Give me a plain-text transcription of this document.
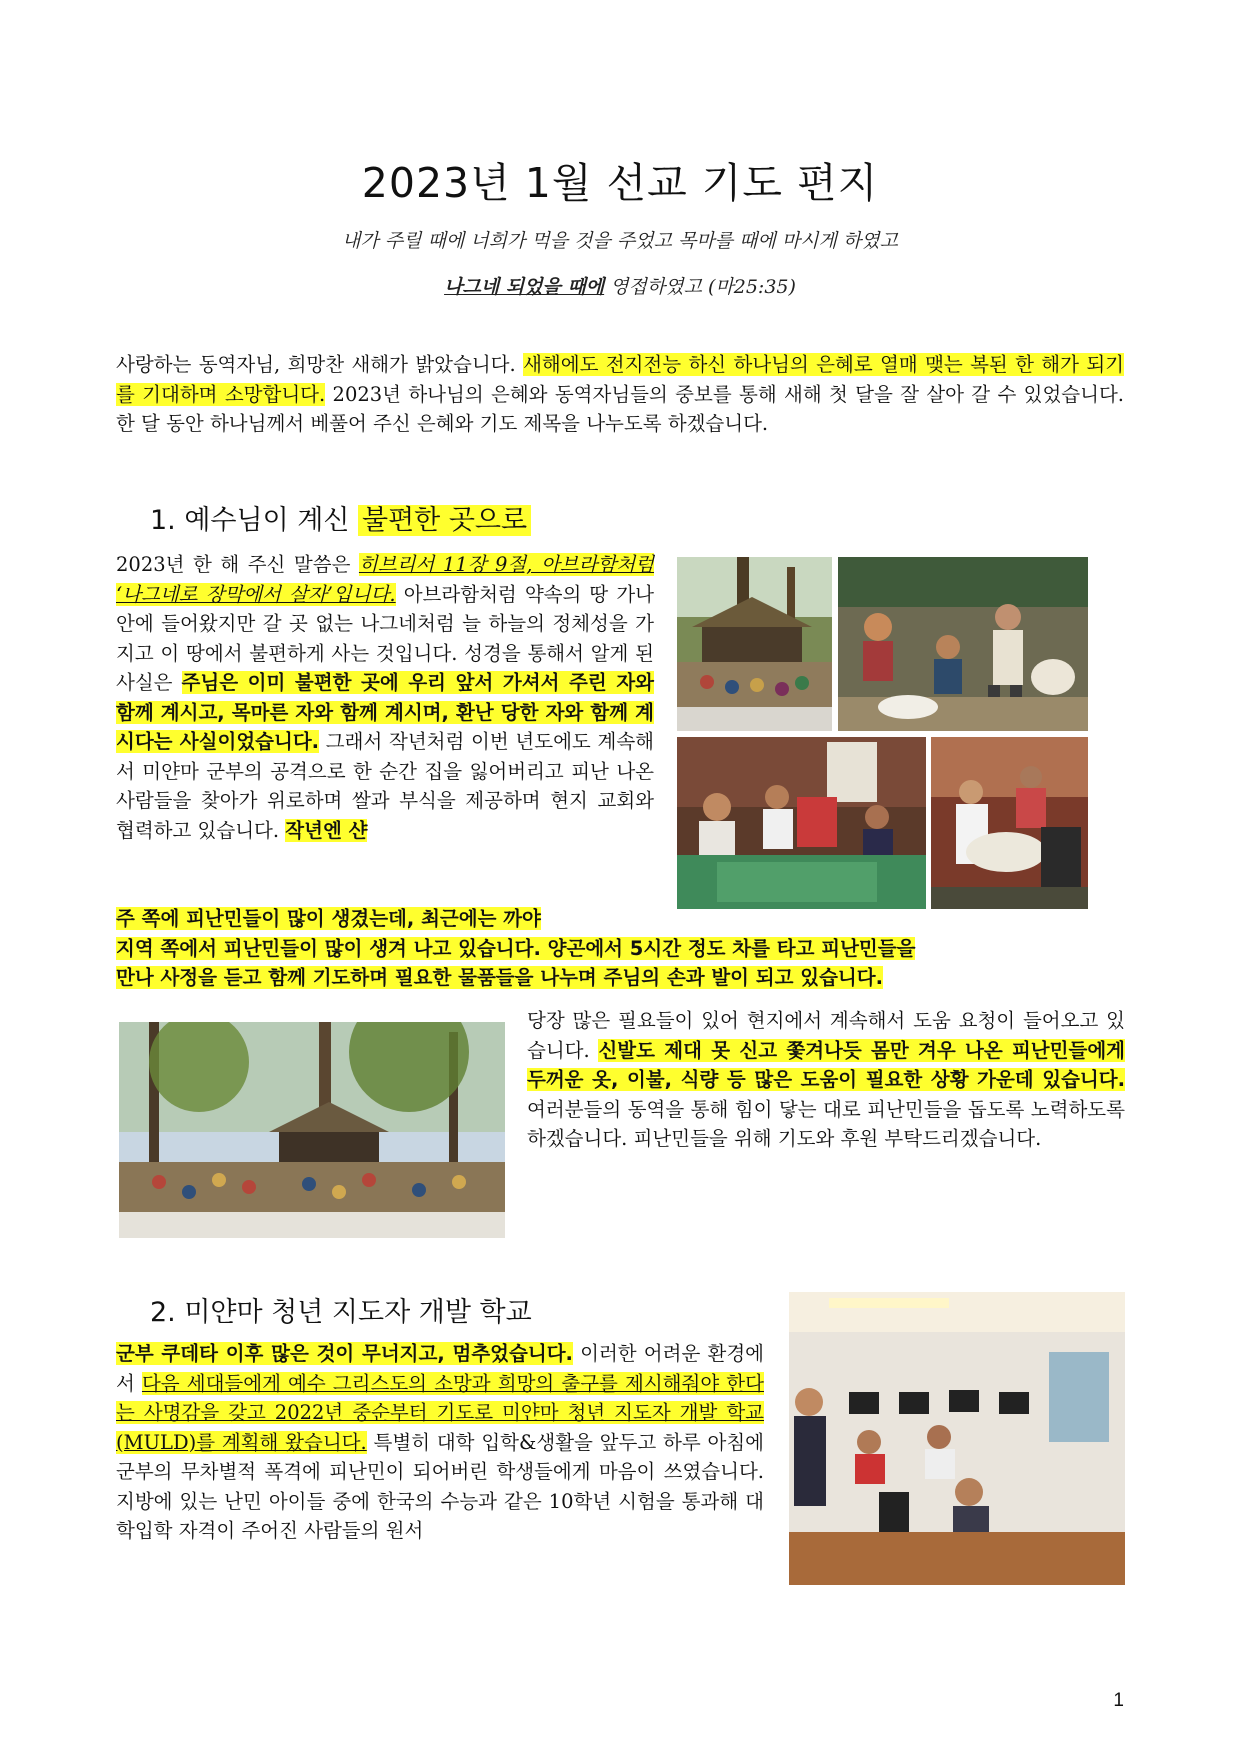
2023년 1월 선교 기도 편지
내가 주릴 때에 너희가 먹을 것을 주었고 목마를 때에 마시게 하였고
나그네 되었을 때에 영접하였고 (마25:35)
사랑하는 동역자님, 희망찬 새해가 밝았습니다. 새해에도 전지전능 하신 하나님의 은혜로 열매 맺는 복된 한 해가 되기를 기대하며 소망합니다. 2023년 하나님의 은혜와 동역자님들의 중보를 통해 새해 첫 달을 잘 살아 갈 수 있었습니다. 한 달 동안 하나님께서 베풀어 주신 은혜와 기도 제목을 나누도록 하겠습니다.
1. 예수님이 계신 불편한 곳으로
2023년 한 해 주신 말씀은 히브리서 11장 9절, 아브라함처럼 ‘나그네로 장막에서 살자’입니다. 아브라함처럼 약속의 땅 가나안에 들어왔지만 갈 곳 없는 나그네처럼 늘 하늘의 정체성을 가지고 이 땅에서 불편하게 사는 것입니다. 성경을 통해서 알게 된 사실은 주님은 이미 불편한 곳에 우리 앞서 가셔서 주린 자와 함께 계시고, 목마른 자와 함께 계시며, 환난 당한 자와 함께 계시다는 사실이었습니다. 그래서 작년처럼 이번 년도에도 계속해서 미얀마 군부의 공격으로 한 순간 집을 잃어버리고 피난 나온 사람들을 찾아가 위로하며 쌀과 부식을 제공하며 현지 교회와 협력하고 있습니다. 작년엔 샨
주 쪽에 피난민들이 많이 생겼는데, 최근에는 까야
지역 쪽에서 피난민들이 많이 생겨 나고 있습니다. 양곤에서 5시간 정도 차를 타고 피난민들을
만나 사정을 듣고 함께 기도하며 필요한 물품들을 나누며 주님의 손과 발이 되고 있습니다.
당장 많은 필요들이 있어 현지에서 계속해서 도움 요청이 들어오고 있습니다. 신발도 제대 못 신고 쫓겨나듯 몸만 겨우 나온 피난민들에게 두꺼운 옷, 이불, 식량 등 많은 도움이 필요한 상황 가운데 있습니다. 여러분들의 동역을 통해 힘이 닿는 대로 피난민들을 돕도록 노력하도록 하겠습니다. 피난민들을 위해 기도와 후원 부탁드리겠습니다.
2. 미얀마 청년 지도자 개발 학교
군부 쿠데타 이후 많은 것이 무너지고, 멈추었습니다. 이러한 어려운 환경에서 다음 세대들에게 예수 그리스도의 소망과 희망의 출구를 제시해줘야 한다는 사명감을 갖고 2022년 중순부터 기도로 미얀마 청년 지도자 개발 학교(MULD)를 계획해 왔습니다. 특별히 대학 입학&생활을 앞두고 하루 아침에 군부의 무차별적 폭격에 피난민이 되어버린 학생들에게 마음이 쓰였습니다. 지방에 있는 난민 아이들 중에 한국의 수능과 같은 10학년 시험을 통과해 대학입학 자격이 주어진 사람들의 원서
1
